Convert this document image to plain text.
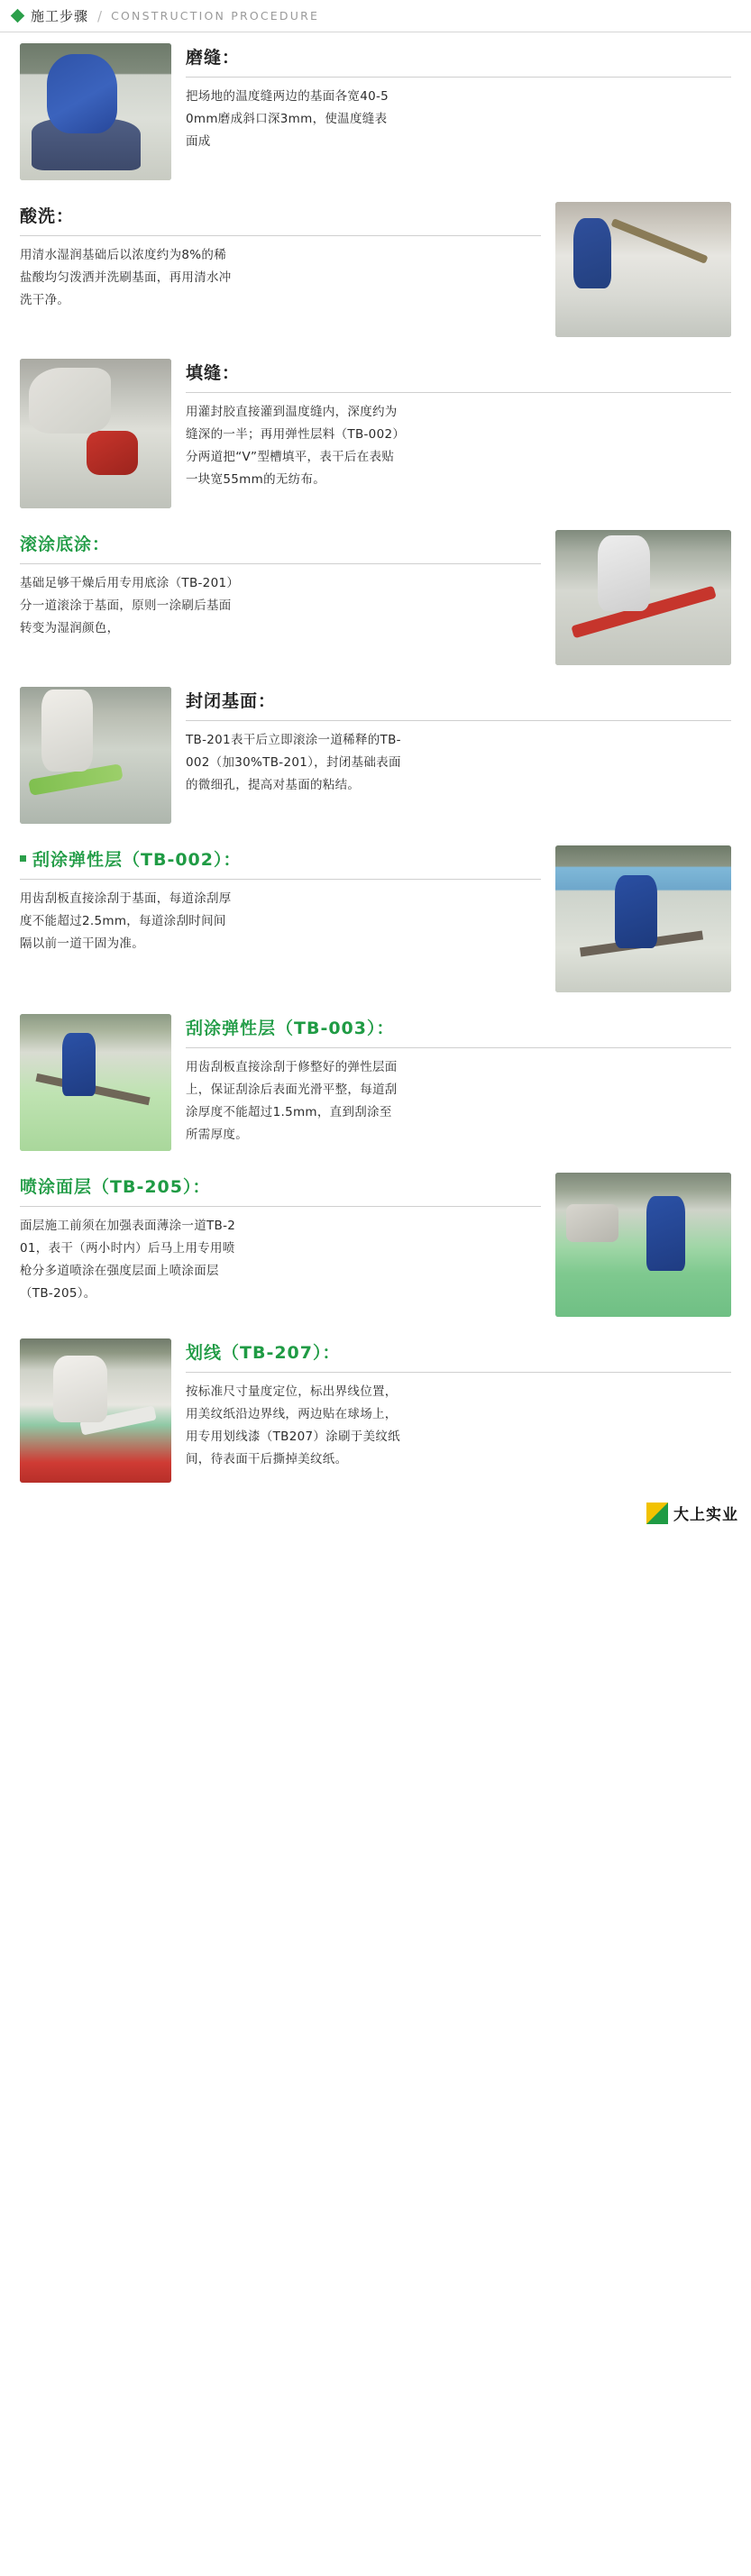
施工步骤 / CONSTRUCTION PROCEDURE
磨缝：
把场地的温度缝两边的基面各宽40-50mm磨成斜口深3mm，使温度缝表面成
酸洗：
用清水湿润基础后以浓度约为8%的稀盐酸均匀泼洒并洗刷基面，再用清水冲洗干净。
填缝：
用灌封胶直接灌到温度缝内，深度约为缝深的一半；再用弹性层料（TB-002）分两道把“V”型槽填平，表干后在表贴一块宽55mm的无纺布。
滚涂底涂：
基础足够干燥后用专用底涂（TB-201）分一道滚涂于基面，原则一涂刷后基面转变为湿润颜色，
封闭基面：
TB-201表干后立即滚涂一道稀释的TB-002（加30%TB-201），封闭基础表面的微细孔，提高对基面的粘结。
刮涂弹性层（TB-002）：
用齿刮板直接涂刮于基面，每道涂刮厚度不能超过2.5mm，每道涂刮时间间隔以前一道干固为准。
刮涂弹性层（TB-003）：
用齿刮板直接涂刮于修整好的弹性层面上，保证刮涂后表面光滑平整，每道刮涂厚度不能超过1.5mm，直到刮涂至所需厚度。
喷涂面层（TB-205）：
面层施工前须在加强表面薄涂一道TB-201，表干（两小时内）后马上用专用喷枪分多道喷涂在强度层面上喷涂面层（TB-205）。
划线（TB-207）：
按标准尺寸量度定位，标出界线位置，用美纹纸沿边界线，两边贴在球场上，用专用划线漆（TB207）涂刷于美纹纸间，待表面干后撕掉美纹纸。
大上实业
